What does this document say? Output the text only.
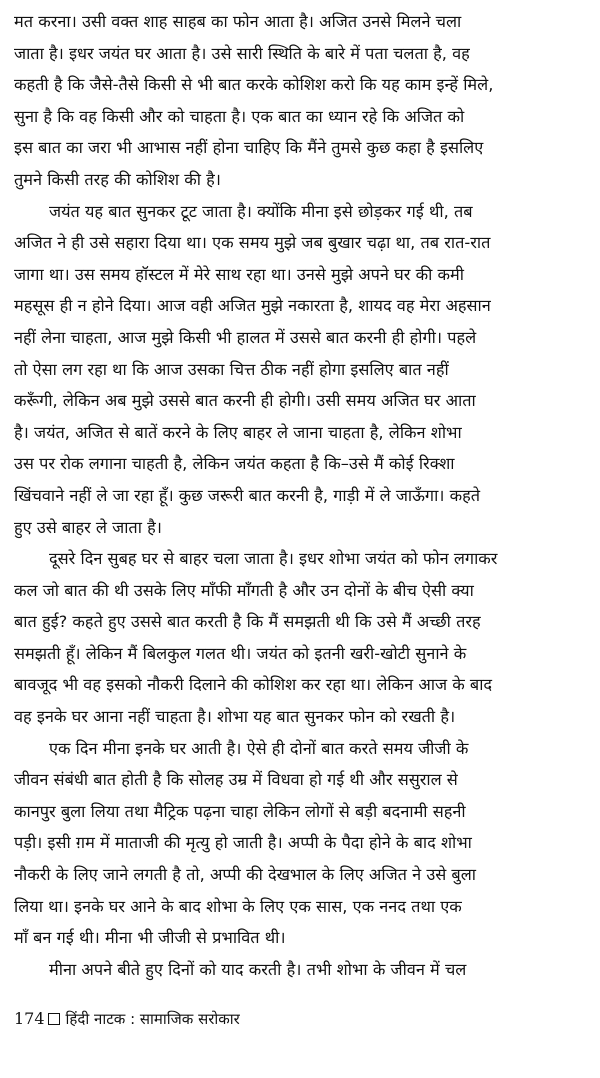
मत करना। उसी वक्त शाह साहब का फोन आता है। अजित उनसे मिलने चला
जाता है। इधर जयंत घर आता है। उसे सारी स्थिति के बारे में पता चलता है, वह
कहती है कि जैसे-तैसे किसी से भी बात करके कोशिश करो कि यह काम इन्हें मिले,
सुना है कि वह किसी और को चाहता है। एक बात का ध्यान रहे कि अजित को
इस बात का जरा भी आभास नहीं होना चाहिए कि मैंने तुमसे कुछ कहा है इसलिए
तुमने किसी तरह की कोशिश की है।
जयंत यह बात सुनकर टूट जाता है। क्योंकि मीना इसे छोड़कर गई थी, तब
अजित ने ही उसे सहारा दिया था। एक समय मुझे जब बुखार चढ़ा था, तब रात-रात
जागा था। उस समय हॉस्टल में मेरे साथ रहा था। उनसे मुझे अपने घर की कमी
महसूस ही न होने दिया। आज वही अजित मुझे नकारता है, शायद वह मेरा अहसान
नहीं लेना चाहता, आज मुझे किसी भी हालत में उससे बात करनी ही होगी। पहले
तो ऐसा लग रहा था कि आज उसका चित्त ठीक नहीं होगा इसलिए बात नहीं
करूँगी, लेकिन अब मुझे उससे बात करनी ही होगी। उसी समय अजित घर आता
है। जयंत, अजित से बातें करने के लिए बाहर ले जाना चाहता है, लेकिन शोभा
उस पर रोक लगाना चाहती है, लेकिन जयंत कहता है कि–उसे मैं कोई रिक्शा
खिंचवाने नहीं ले जा रहा हूँ। कुछ जरूरी बात करनी है, गाड़ी में ले जाऊँगा। कहते
हुए उसे बाहर ले जाता है।
दूसरे दिन सुबह घर से बाहर चला जाता है। इधर शोभा जयंत को फोन लगाकर
कल जो बात की थी उसके लिए माँफी माँगती है और उन दोनों के बीच ऐसी क्या
बात हुई? कहते हुए उससे बात करती है कि मैं समझती थी कि उसे मैं अच्छी तरह
समझती हूँ। लेकिन मैं बिलकुल गलत थी। जयंत को इतनी खरी-खोटी सुनाने के
बावजूद भी वह इसको नौकरी दिलाने की कोशिश कर रहा था। लेकिन आज के बाद
वह इनके घर आना नहीं चाहता है। शोभा यह बात सुनकर फोन को रखती है।
एक दिन मीना इनके घर आती है। ऐसे ही दोनों बात करते समय जीजी के
जीवन संबंधी बात होती है कि सोलह उम्र में विधवा हो गई थी और ससुराल से
कानपुर बुला लिया तथा मैट्रिक पढ़ना चाहा लेकिन लोगों से बड़ी बदनामी सहनी
पड़ी। इसी ग़म में माताजी की मृत्यु हो जाती है। अप्पी के पैदा होने के बाद शोभा
नौकरी के लिए जाने लगती है तो, अप्पी की देखभाल के लिए अजित ने उसे बुला
लिया था। इनके घर आने के बाद शोभा के लिए एक सास, एक ननद तथा एक
माँ बन गई थी। मीना भी जीजी से प्रभावित थी।
मीना अपने बीते हुए दिनों को याद करती है। तभी शोभा के जीवन में चल
174 हिंदी नाटक : सामाजिक सरोकार
